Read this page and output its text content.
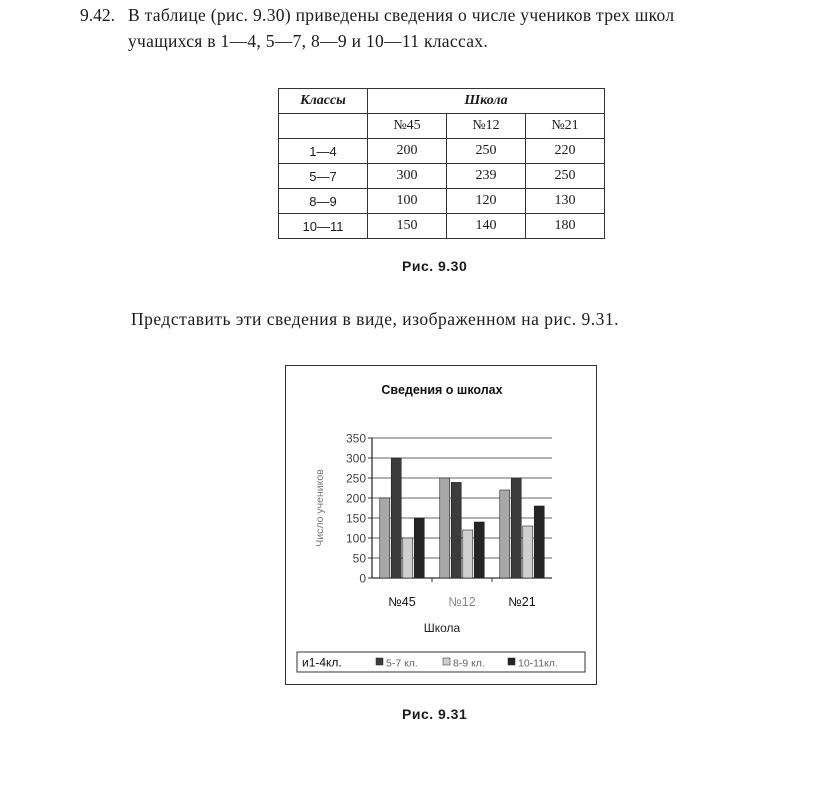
9.42. В таблице (рис. 9.30) приведены сведения о числе учеников трех школ
учащихся в 1—4, 5—7, 8—9 и 10—11 классах.
Классы	Школа		
	№45	№12	№21
1—4	200	250	220
5—7	300	239	250
8—9	100	120	130
10—11	150	140	180
Рис. 9.30
Представить эти сведения в виде, изображенном на рис. 9.31.
Сведения о школах
0
50
100
150
200
250
300
350
№45	№12	№21
Школа
Число учеников
и1-4кл.	5-7 кл.	8-9 кл.	10-11кл.
Рис. 9.31
